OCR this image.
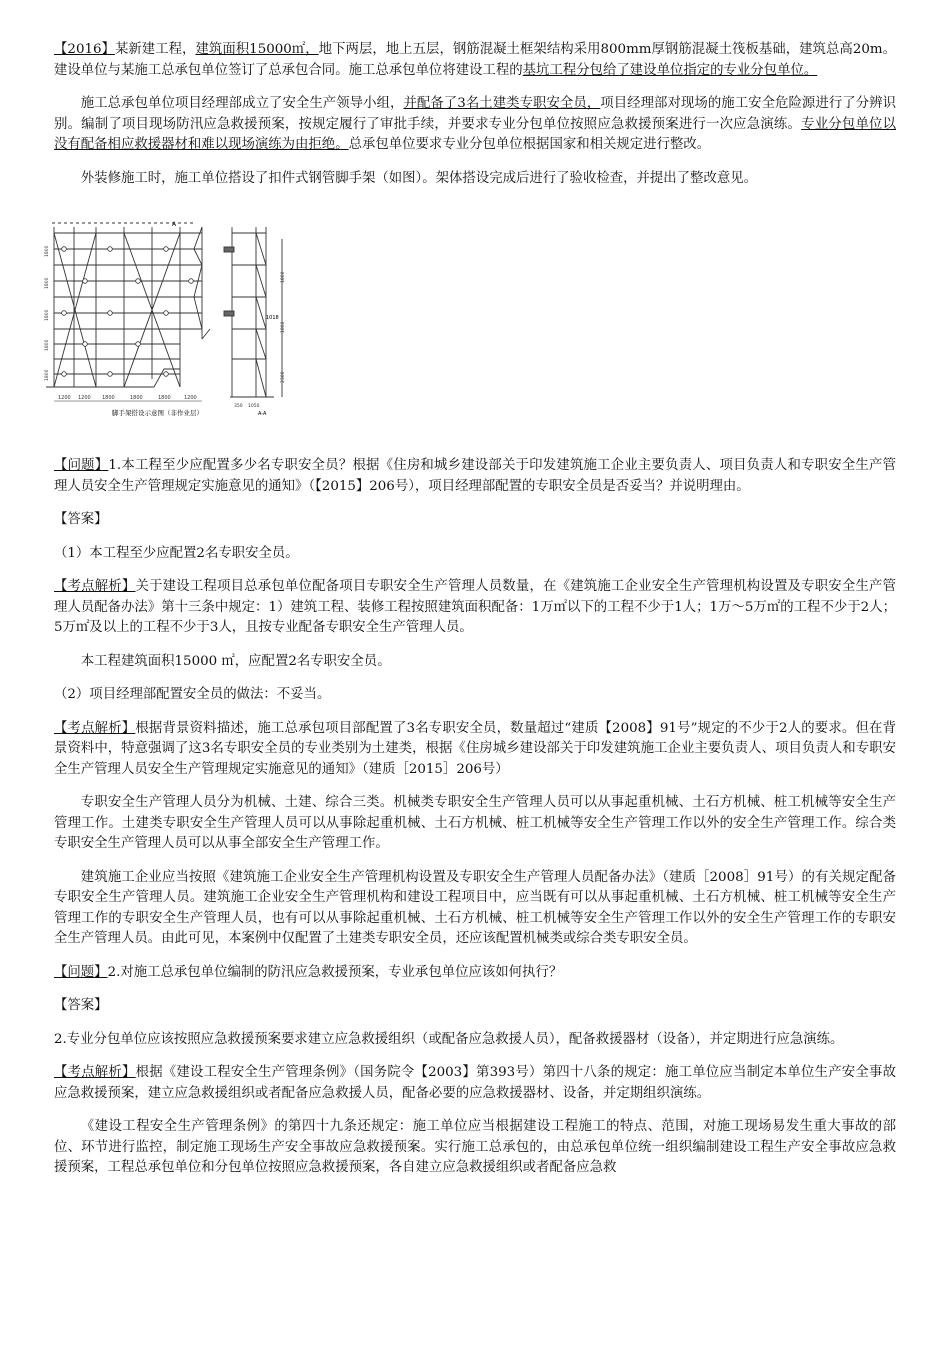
【2016】某新建工程，建筑面积15000㎡，地下两层，地上五层，钢筋混凝土框架结构采用800mm厚钢筋混凝土筏板基础，建筑总高20m。建设单位与某施工总承包单位签订了总承包合同。施工总承包单位将建设工程的基坑工程分包给了建设单位指定的专业分包单位。

施工总承包单位项目经理部成立了安全生产领导小组，并配备了3名土建类专职安全员，项目经理部对现场的施工安全危险源进行了分辨识别。编制了项目现场防汛应急救援预案，按规定履行了审批手续，并要求专业分包单位按照应急救援预案进行一次应急演练。专业分包单位以没有配备相应救援器材和难以现场演练为由拒绝。总承包单位要求专业分包单位根据国家和相关规定进行整改。

外装修施工时，施工单位搭设了扣件式钢管脚手架（如图）。架体搭设完成后进行了验收检查，并提出了整改意见。

A
1800
1800
1800
1800
1800
1200 1200 1800	1800	1800	1200
脚手架搭设示意图（非作业层）
1018
1800
1800
2300
350 1050
A-A

【问题】1.本工程至少应配置多少名专职安全员？根据《住房和城乡建设部关于印发建筑施工企业主要负责人、项目负责人和专职安全生产管理人员安全生产管理规定实施意见的通知》（【2015】206号），项目经理部配置的专职安全员是否妥当？并说明理由。

【答案】

（1）本工程至少应配置2名专职安全员。

【考点解析】关于建设工程项目总承包单位配备项目专职安全生产管理人员数量，在《建筑施工企业安全生产管理机构设置及专职安全生产管理人员配备办法》第十三条中规定：1）建筑工程、装修工程按照建筑面积配备：1万㎡以下的工程不少于1人；1万～5万㎡的工程不少于2人；5万㎡及以上的工程不少于3人，且按专业配备专职安全生产管理人员。

本工程建筑面积15000 ㎡，应配置2名专职安全员。

（2）项目经理部配置安全员的做法：不妥当。

【考点解析】根据背景资料描述，施工总承包项目部配置了3名专职安全员，数量超过“建质【2008】91号”规定的不少于2人的要求。但在背景资料中，特意强调了这3名专职安全员的专业类别为土建类，根据《住房城乡建设部关于印发建筑施工企业主要负责人、项目负责人和专职安全生产管理人员安全生产管理规定实施意见的通知》（建质［2015］206号）

专职安全生产管理人员分为机械、土建、综合三类。机械类专职安全生产管理人员可以从事起重机械、土石方机械、桩工机械等安全生产管理工作。土建类专职安全生产管理人员可以从事除起重机械、土石方机械、桩工机械等安全生产管理工作以外的安全生产管理工作。综合类专职安全生产管理人员可以从事全部安全生产管理工作。

建筑施工企业应当按照《建筑施工企业安全生产管理机构设置及专职安全生产管理人员配备办法》（建质［2008］91号）的有关规定配备专职安全生产管理人员。建筑施工企业安全生产管理机构和建设工程项目中，应当既有可以从事起重机械、土石方机械、桩工机械等安全生产管理工作的专职安全生产管理人员，也有可以从事除起重机械、土石方机械、桩工机械等安全生产管理工作以外的安全生产管理工作的专职安全生产管理人员。由此可见，本案例中仅配置了土建类专职安全员，还应该配置机械类或综合类专职安全员。

【问题】2.对施工总承包单位编制的防汛应急救援预案，专业承包单位应该如何执行？

【答案】

2.专业分包单位应该按照应急救援预案要求建立应急救援组织（或配备应急救援人员），配备救援器材（设备），并定期进行应急演练。

【考点解析】根据《建设工程安全生产管理条例》（国务院令【2003】第393号）第四十八条的规定：施工单位应当制定本单位生产安全事故应急救援预案，建立应急救援组织或者配备应急救援人员，配备必要的应急救援器材、设备，并定期组织演练。

《建设工程安全生产管理条例》的第四十九条还规定：施工单位应当根据建设工程施工的特点、范围，对施工现场易发生重大事故的部位、环节进行监控，制定施工现场生产安全事故应急救援预案。实行施工总承包的，由总承包单位统一组织编制建设工程生产安全事故应急救援预案，工程总承包单位和分包单位按照应急救援预案，各自建立应急救援组织或者配备应急救
